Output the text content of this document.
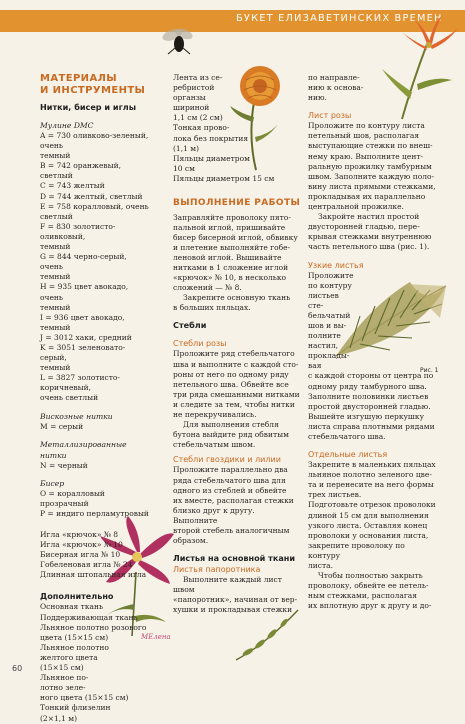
БУКЕТ ЕЛИЗАВЕТИНСКИХ ВРЕМЕН
Рис. 1
МАТЕРИАЛЫ
И ИНСТРУМЕНТЫ
Нитки, бисер и иглы
Мулине DMC
A = 730 оливково-зеленый, очень
темный
B = 742 оранжевый, светлый
C = 743 желтый
D = 744 желтый, светлый
E = 758 коралловый, очень светлый
F = 830 золотисто-оливковый,
темный
G = 844 черно-серый, очень
темный
H = 935 цвет авокадо, очень
темный
I = 936 цвет авокадо, темный
J = 3012 хаки, средний
K = 3051 зеленовато-серый,
темный
L = 3827 золотисто-коричневый,
очень светлый
Вискозные нитки
M = серый
Металлизированные нитки
N = черный
Бисер
O = коралловый прозрачный
P = индиго перламутровый
Игла «крючок» № 8
Игла «крючок» № 10
Бисерная игла № 10
Гобеленовая игла № 24
Длинная штопальная игла
Дополнительно
Основная ткань
Поддерживающая ткань
Льняное полотно розового
цвета (15×15 см)
Льняное полотно
желтого цвета
(15×15 см)
Льняное по-
лотно зеле-
ного цвета (15×15 см)
Тонкий флизелин
(2×1,1 м)
Лента из се-
ребристой
органзы
шириной
1,1 см (2 см)
Тонкая прово-
лока без покрытия
(1,1 м)
Пяльцы диаметром
10 см
Пяльцы диаметром 15 см
ВЫПОЛНЕНИЕ РАБОТЫ
Заправляйте проволоку пято-
пальной иглой, пришивайте
бисер бисерной иглой, обвивку
и плетение выполняйте гобе-
леновой иглой. Вышивайте
нитками в 1 сложение иглой
«крючок» № 10, в несколько
сложений — № 8.
Закрепите основную ткань
в больших пяльцах.
Стебли
Стебли розы
Проложите ряд стебельчатого
шва и выполните с каждой сто-
роны от него по одному ряду
петельного шва. Обвейте все
три ряда смешанными нитками
и следите за тем, чтобы нитки
не перекручивались.
Для выполнения стебля
бутона выйдите ряд обвитым
стебельчатым швом.
Стебли гвоздики и лилии
Проложите параллельно два
ряда стебельчатого шва для
одного из стеблей и обвейте
их вместе, располагая стежки
близко друг к другу. Выполните
второй стебель аналогичным
образом.
Листья на основной ткани
Листья папоротника
Выполните каждый лист швом
«папоротник», начиная от вер-
хушки и прокладывая стежки
по направле-
нию к основа-
нию.
Лист розы
Проложите по контуру листа
петельный шов, располагая
выступающие стежки по внеш-
нему краю. Выполните цент-
ральную прожилку тамбурным
швом. Заполните каждую поло-
вину листа прямыми стежками,
прокладывая их параллельно
центральной прожилке.
Закройте настил простой
двусторонней гладью, пере-
крывая стежками внутреннюю
часть петельного шва (рис. 1).
Узкие листья
Проложите
по контуру
листьев сте-
бельчатый
шов и вы-
полните
настил,
проклады-
вая
с каждой стороны от центра по
одному ряду тамбурного шва.
Заполните половинки листьев
простой двусторонней гладью.
Вышейте изгушую перкушку
листа справа плотными рядами
стебельчатого шва.
Отдельные листья
Закрепите в маленьких пяльцах
льняное полотно зеленого цве-
та и перенесите на него формы
трех листьев.
Подготовьте отрезок проволоки
длиной 15 см для выполнения
узкого листа. Оставляя конец
проволоки у основания листа,
закрепите проволоку по контуру
листа.
Чтобы полностью закрыть
проволоку, обвейте ее петель-
ным стежками, располагая
их вплотную друг к другу и до-
МЕлена
60
